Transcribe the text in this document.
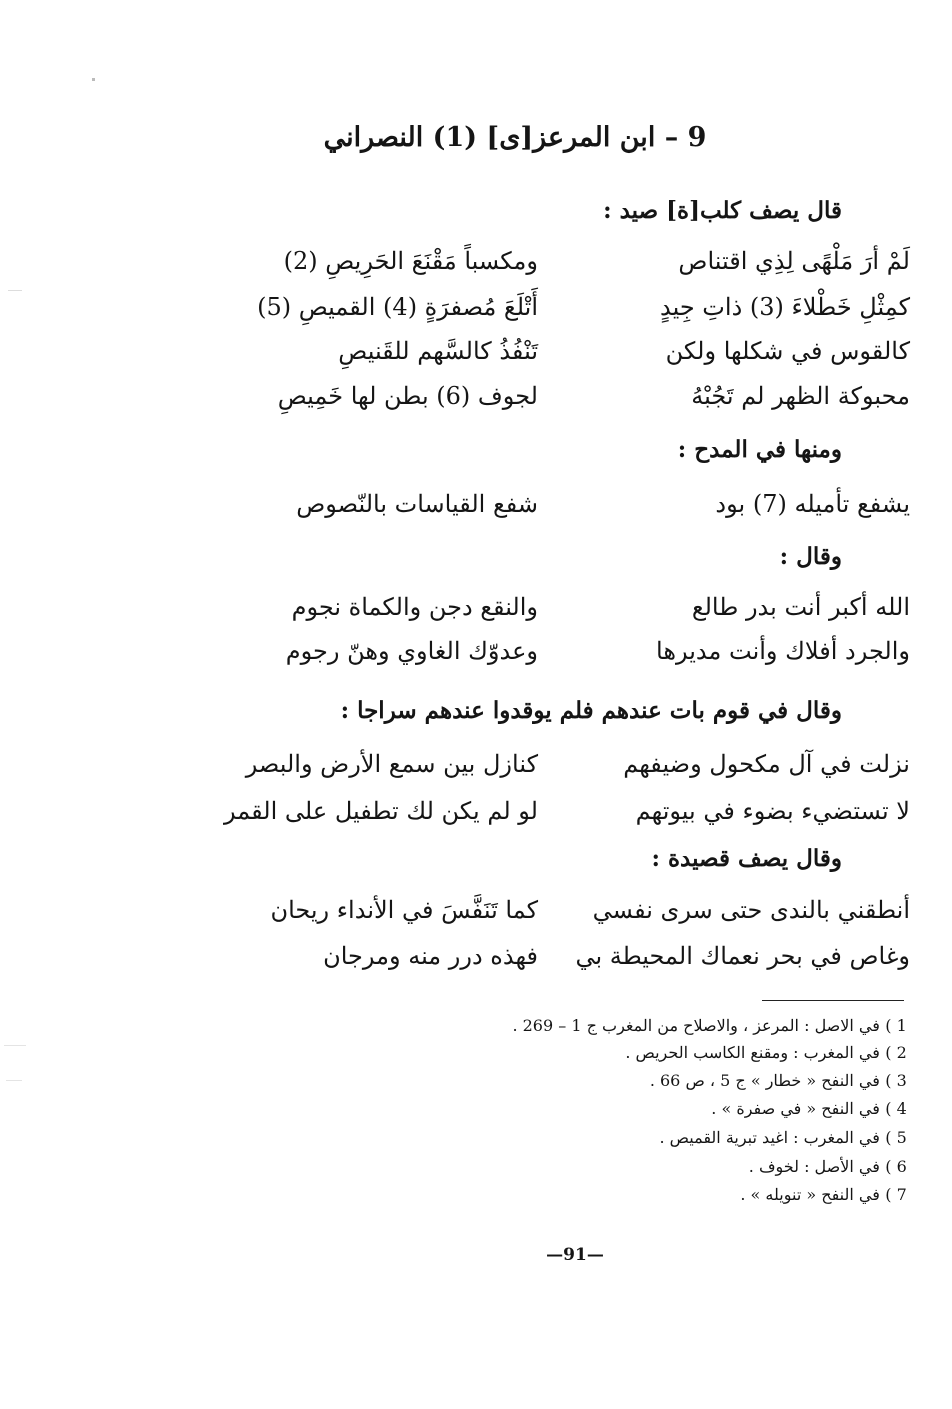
9 – ابن المرعز[ى] (1) النصراني
قال يصف كلب[ة] صيد :
لَمْ أرَ مَلْهًى لِذِي اقتناص
ومكسباً مَقْنَعَ الحَرِيصِ (2)
كمِثْلِ خَطْلاءَ (3) ذاتِ جِيدٍ
أَتْلَعَ مُصفرَةٍ (4) القميصِ (5)
كالقوس في شكلها ولكن
تَنْفُذُ كالسَّهم للقَنيصِ
محبوكة الظهر لم تَجُبْهُ
لجوف (6) بطن لها خَمِيصِ
ومنها في المدح :
يشفع تأميله (7) بود
شفع القياسات بالنّصوص
وقال :
الله أكبر أنت بدر طالع
والنقع دجن والكماة نجوم
والجرد أفلاك وأنت مديرها
وعدوّك الغاوي وهنّ رجوم
وقال في قوم بات عندهم فلم يوقدوا عندهم سراجا :
نزلت في آل مكحول وضيفهم
كنازل بين سمع الأرض والبصر
لا تستضيء بضوء في بيوتهم
لو لم يكن لك تطفيل على القمر
وقال يصف قصيدة :
أنطقني بالندى حتى سرى نفسي
كما تَنَفَّسَ في الأنداء ريحان
وغاص في بحر نعماك المحيطة بي
فهذه درر منه ومرجان
1 ) في الاصل : المرعز ، والاصلاح من المغرب ج 1 – 269 .
2 ) في المغرب : ومقنع الكاسب الحريص .
3 ) في النفح « خطار » ج 5 ، ص 66 .
4 ) في النفح « في صفرة » .
5 ) في المغرب : اغيد تبرية القميص .
6 ) في الأصل : لخوف .
7 ) في النفح « تنويله » .
—91—
